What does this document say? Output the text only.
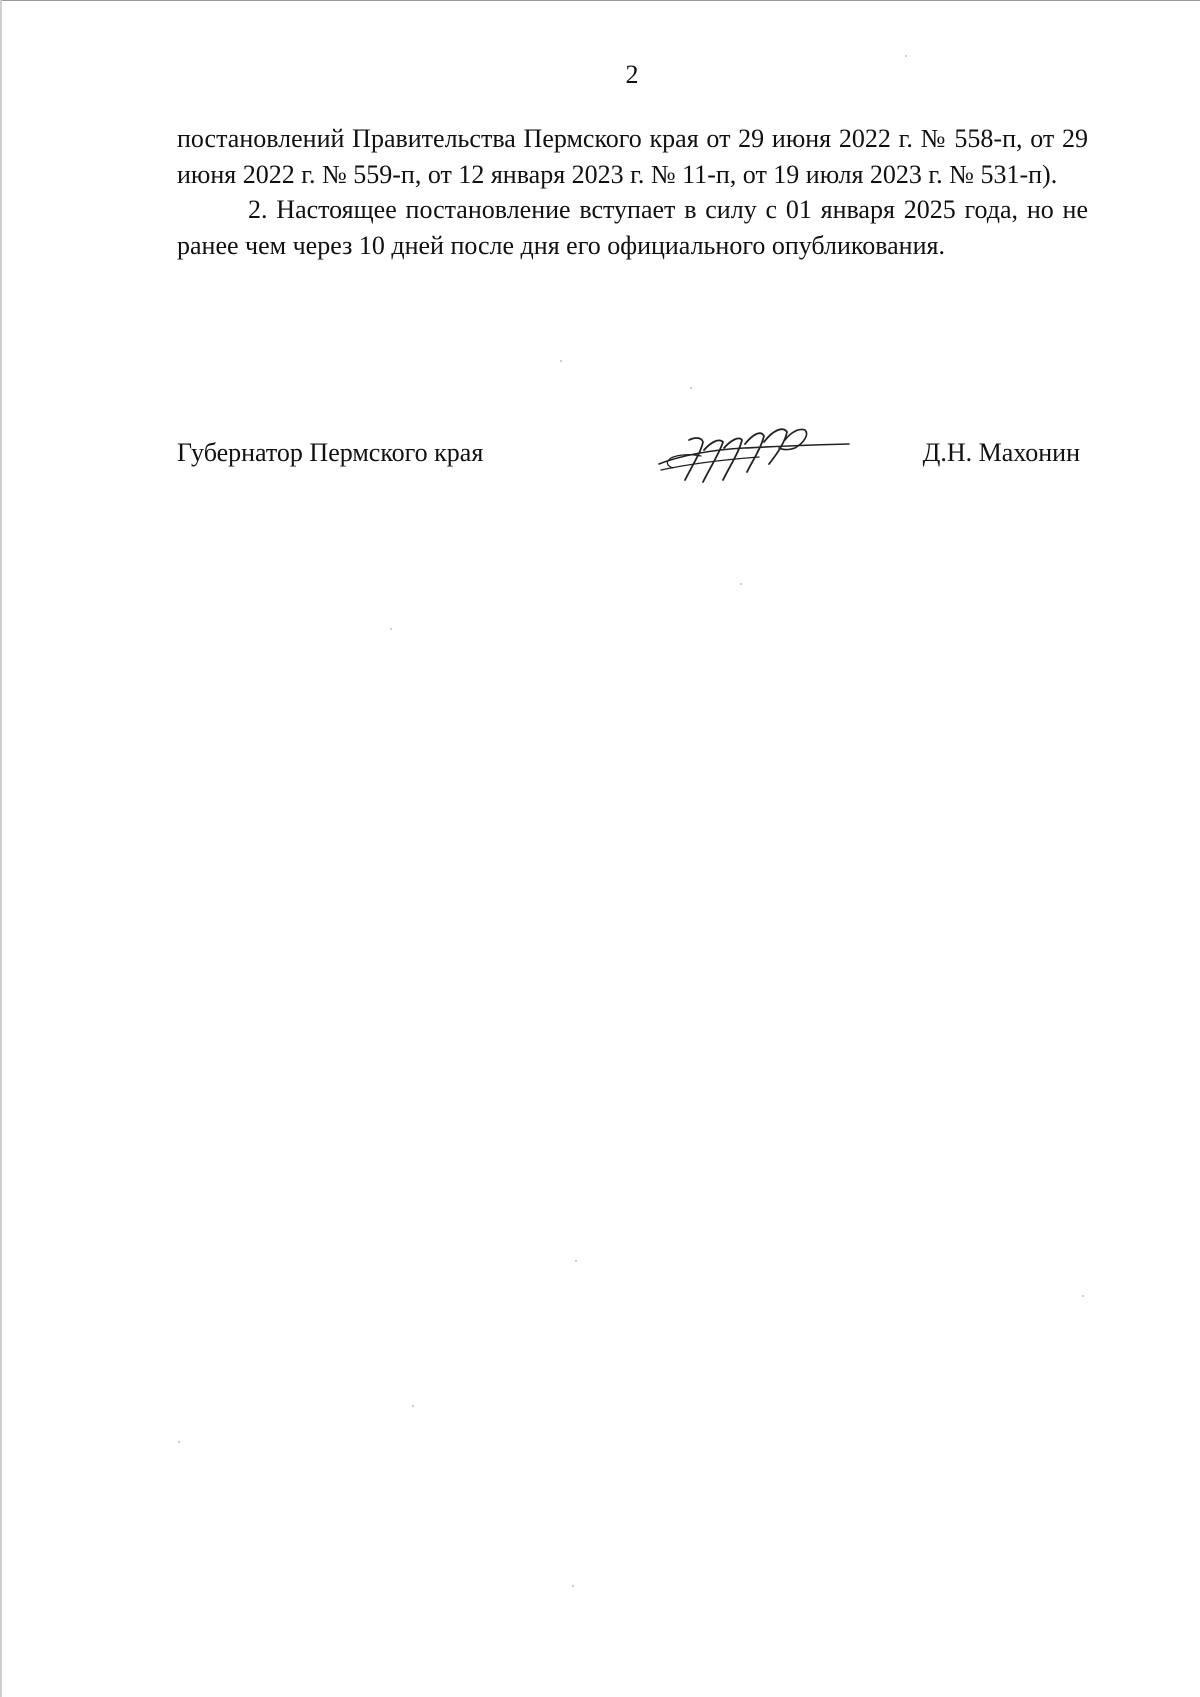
2

постановлений Правительства Пермского края от 29 июня 2022 г. № 558-п, от 29 июня 2022 г. № 559-п, от 12 января 2023 г. № 11-п, от 19 июля 2023 г. № 531-п).

2. Настоящее постановление вступает в силу с 01 января 2025 года, но не ранее чем через 10 дней после дня его официального опубликования.

Губернатор Пермского края	Д.Н. Махонин
